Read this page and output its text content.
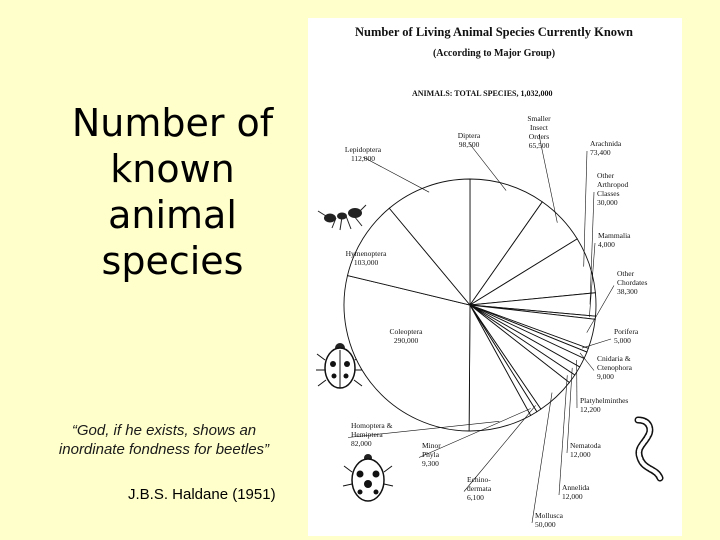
Number of
known
animal
species
“God, if he exists, shows an
inordinate fondness for beetles”
J.B.S. Haldane (1951)
Number of Living Animal Species Currently Known
(According to Major Group)
ANIMALS: TOTAL SPECIES, 1,032,000
Diptera 98,500
Smaller Insect Orders 65,500	Arachnida 73,400
Other Arthropod Classes 30,000
Mammalia 4,000
Other Chordates 38,300
Porifera 5,000
Cnidaria & Ctenophora 9,000
Platyhelminthes 12,200
Nematoda 12,000
Annelida 12,000
Mollusca 50,000
Echino-dermata 6,100
Minor Phyla 9,300
Homoptera & Hemiptera 82,000
Coleoptera 290,000
Hymenoptera 103,000
Lepidoptera 112,000
